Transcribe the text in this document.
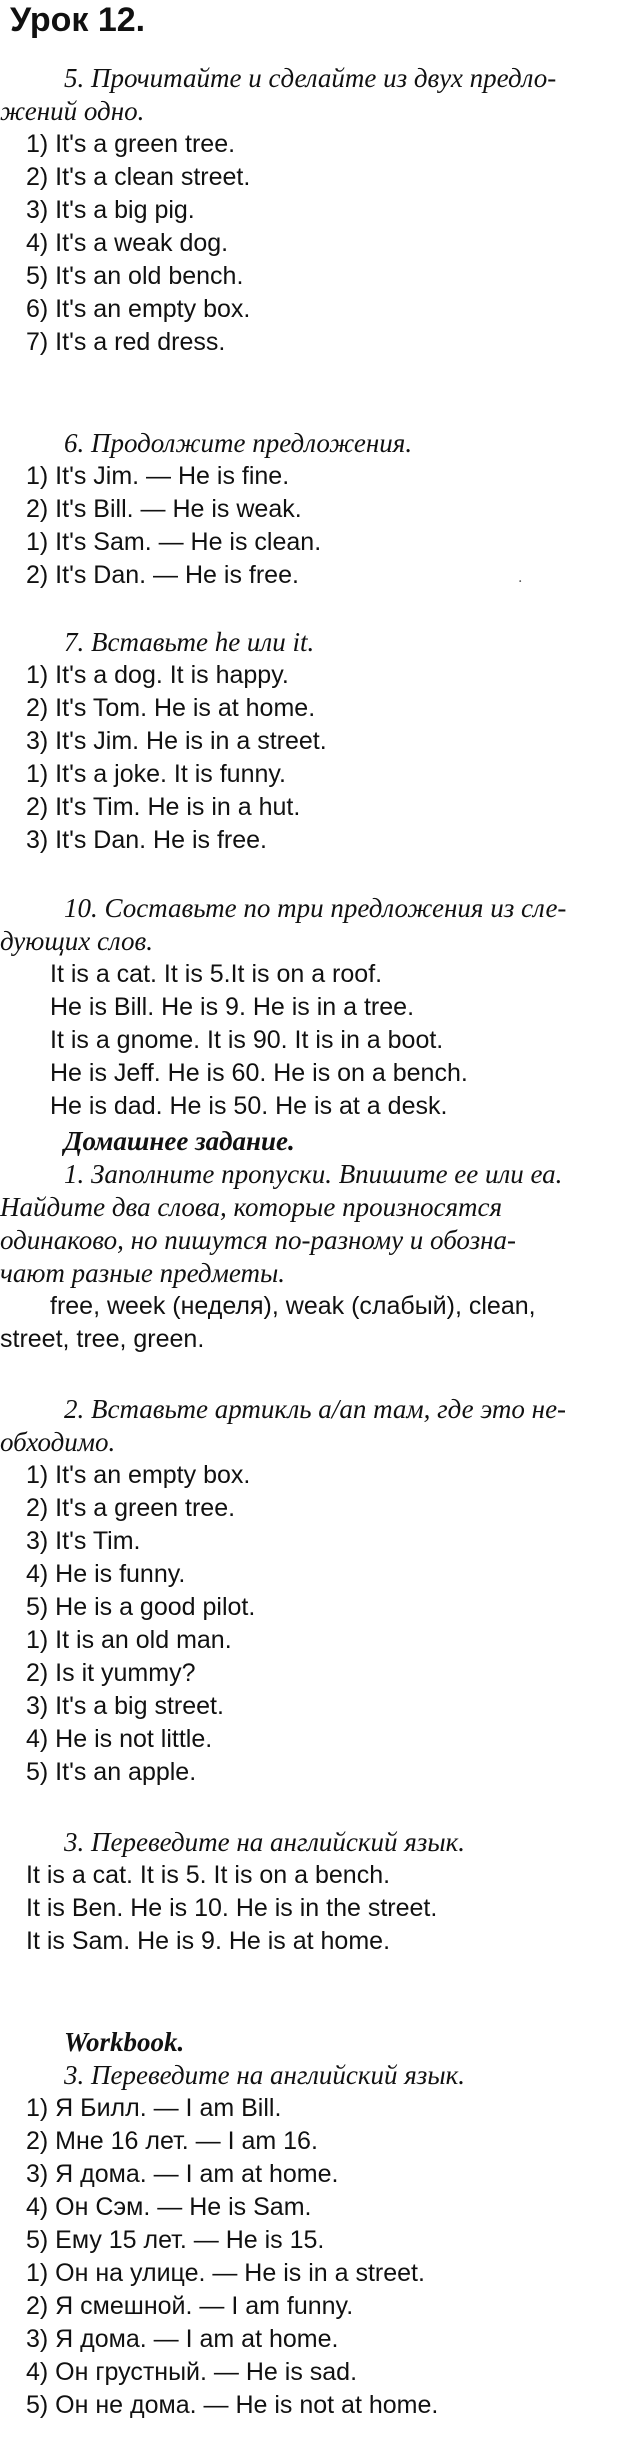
Урок 12.
5. Прочитайте и сделайте из двух предло-
жений одно.
1) It's a green tree.
2) It's a clean street.
3) It's a big pig.
4) It's a weak dog.
5) It's an old bench.
6) It's an empty box.
7) It's a red dress.
6. Продолжите предложения.
1) It's Jim. — He is fine.
2) It's Bill. — He is weak.
1) It's Sam. — He is clean.
2) It's Dan. — He is free.	·
7. Вставьте he или it.
1) It's a dog. It is happy.
2) It's Tom. He is at home.
3) It's Jim. He is in a street.
1) It's a joke. It is funny.
2) It's Tim. He is in a hut.
3) It's Dan. He is free.
10. Составьте по три предложения из сле-
дующих слов.
It is a cat. It is 5.It is on a roof.
He is Bill. He is 9. He is in a tree.
It is a gnome. It is 90. It is in a boot.
He is Jeff. He is 60. He is on a bench.
He is dad. He is 50. He is at a desk.
Домашнее задание.
1. Заполните пропуски. Впишите ее или еа.
Найдите два слова, которые произносятся
одинаково, но пишутся по-разному и обозна-
чают разные предметы.
free, week (неделя), weak (слабый), clean,
street, tree, green.
2. Вставьте артикль а/an там, где это не-
обходимо.
1) It's an empty box.
2) It's a green tree.
3) It's Tim.
4) He is funny.
5) He is a good pilot.
1) It is an old man.
2) Is it yummy?
3) It's a big street.
4) He is not little.
5) It's an apple.
3. Переведите на английский язык.
It is a cat. It is 5. It is on a bench.
It is Ben. He is 10. He is in the street.
It is Sam. He is 9. He is at home.
Workbook.
3. Переведите на английский язык.
1) Я Билл. — I am Bill.
2) Мне 16 лет. — I am 16.
3) Я дома. — I am at home.
4) Он Сэм. — He is Sam.
5) Ему 15 лет. — He is 15.
1) Он на улице. — He is in a street.
2) Я смешной. — I am funny.
3) Я дома. — I am at home.
4) Он грустный. — He is sad.
5) Он не дома. — He is not at home.
